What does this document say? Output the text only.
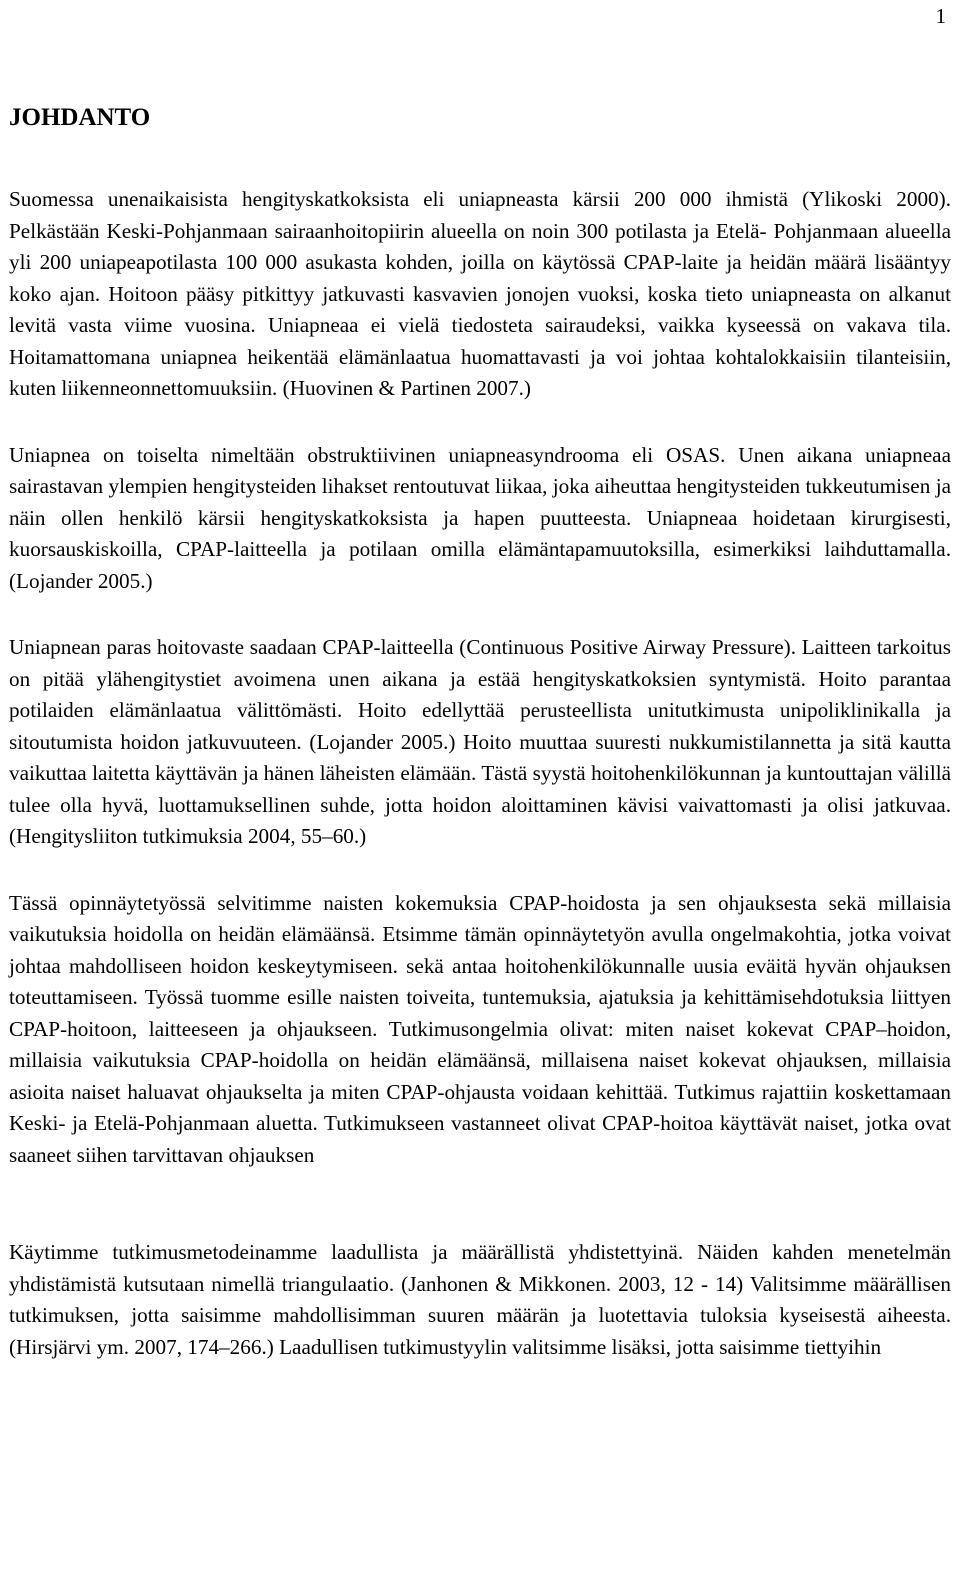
1
JOHDANTO

Suomessa unenaikaisista hengityskatkoksista eli uniapneasta kärsii 200 000 ihmistä (Ylikoski 2000). Pelkästään Keski-Pohjanmaan sairaanhoitopiirin alueella on noin 300 potilasta ja Etelä- Pohjanmaan alueella yli 200 uniapeapotilasta 100 000 asukasta kohden, joilla on käytössä CPAP-laite ja heidän määrä lisääntyy koko ajan. Hoitoon pääsy pitkittyy jatkuvasti kasvavien jonojen vuoksi, koska tieto uniapneasta on alkanut levitä vasta viime vuosina. Uniapneaa ei vielä tiedosteta sairaudeksi, vaikka kyseessä on vakava tila. Hoitamattomana uniapnea heikentää elämänlaatua huomattavasti ja voi johtaa kohtalokkaisiin tilanteisiin, kuten liikenneonnettomuuksiin. (Huovinen & Partinen 2007.)

Uniapnea on toiselta nimeltään obstruktiivinen uniapneasyndrooma eli OSAS. Unen aikana uniapneaa sairastavan ylempien hengitysteiden lihakset rentoutuvat liikaa, joka aiheuttaa hengitysteiden tukkeutumisen ja näin ollen henkilö kärsii hengityskatkoksista ja hapen puutteesta. Uniapneaa hoidetaan kirurgisesti, kuorsauskiskoilla, CPAP-laitteella ja potilaan omilla elämäntapamuutoksilla, esimerkiksi laihduttamalla. (Lojander 2005.)

Uniapnean paras hoitovaste saadaan CPAP-laitteella (Continuous Positive Airway Pressure). Laitteen tarkoitus on pitää ylähengitystiet avoimena unen aikana ja estää hengityskatkoksien syntymistä. Hoito parantaa potilaiden elämänlaatua välittömästi. Hoito edellyttää perusteellista unitutkimusta unipoliklinikalla ja sitoutumista hoidon jatkuvuuteen. (Lojander 2005.) Hoito muuttaa suuresti nukkumistilannetta ja sitä kautta vaikuttaa laitetta käyttävän ja hänen läheisten elämään. Tästä syystä hoitohenkilökunnan ja kuntouttajan välillä tulee olla hyvä, luottamuksellinen suhde, jotta hoidon aloittaminen kävisi vaivattomasti ja olisi jatkuvaa. (Hengitysliiton tutkimuksia 2004, 55–60.)

Tässä opinnäytetyössä selvitimme naisten kokemuksia CPAP-hoidosta ja sen ohjauksesta sekä millaisia vaikutuksia hoidolla on heidän elämäänsä. Etsimme tämän opinnäytetyön avulla ongelmakohtia, jotka voivat johtaa mahdolliseen hoidon keskeytymiseen. sekä antaa hoitohenkilökunnalle uusia eväitä hyvän ohjauksen toteuttamiseen. Työssä tuomme esille naisten toiveita, tuntemuksia, ajatuksia ja kehittämisehdotuksia liittyen CPAP-hoitoon, laitteeseen ja ohjaukseen. Tutkimusongelmia olivat: miten naiset kokevat CPAP–hoidon, millaisia vaikutuksia CPAP-hoidolla on heidän elämäänsä, millaisena naiset kokevat ohjauksen, millaisia asioita naiset haluavat ohjaukselta ja miten CPAP-ohjausta voidaan kehittää. Tutkimus rajattiin koskettamaan Keski- ja Etelä-Pohjanmaan aluetta. Tutkimukseen vastanneet olivat CPAP-hoitoa käyttävät naiset, jotka ovat saaneet siihen tarvittavan ohjauksen

Käytimme tutkimusmetodeinamme laadullista ja määrällistä yhdistettyinä. Näiden kahden menetelmän yhdistämistä kutsutaan nimellä triangulaatio. (Janhonen & Mikkonen. 2003, 12 - 14) Valitsimme määrällisen tutkimuksen, jotta saisimme mahdollisimman suuren määrän ja luotettavia tuloksia kyseisestä aiheesta. (Hirsjärvi ym. 2007, 174–266.) Laadullisen tutkimustyylin valitsimme lisäksi, jotta saisimme tiettyihin
